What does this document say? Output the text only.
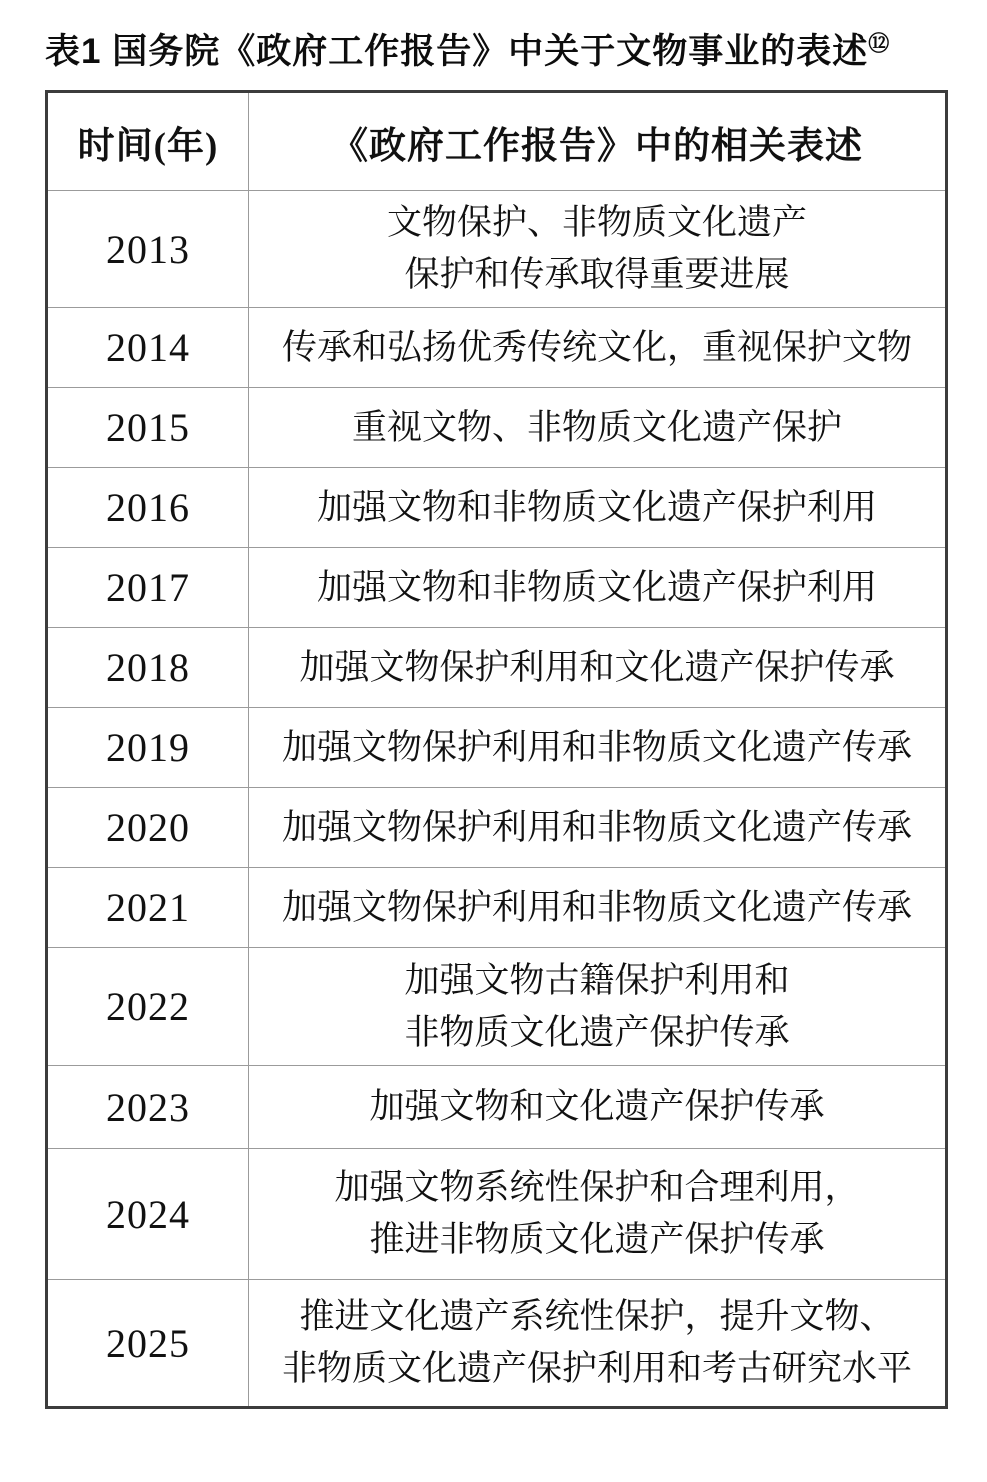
表1 国务院《政府工作报告》中关于文物事业的表述⑫
时间(年)	《政府工作报告》中的相关表述
2013	文物保护、非物质文化遗产
保护和传承取得重要进展

2014	传承和弘扬优秀传统文化，重视保护文物

2015	重视文物、非物质文化遗产保护

2016	加强文物和非物质文化遗产保护利用

2017	加强文物和非物质文化遗产保护利用

2018	加强文物保护利用和文化遗产保护传承

2019	加强文物保护利用和非物质文化遗产传承

2020	加强文物保护利用和非物质文化遗产传承

2021	加强文物保护利用和非物质文化遗产传承

2022	加强文物古籍保护利用和
非物质文化遗产保护传承

2023	加强文物和文化遗产保护传承

2024	加强文物系统性保护和合理利用，
推进非物质文化遗产保护传承

2025	推进文化遗产系统性保护，提升文物、
非物质文化遗产保护利用和考古研究水平
